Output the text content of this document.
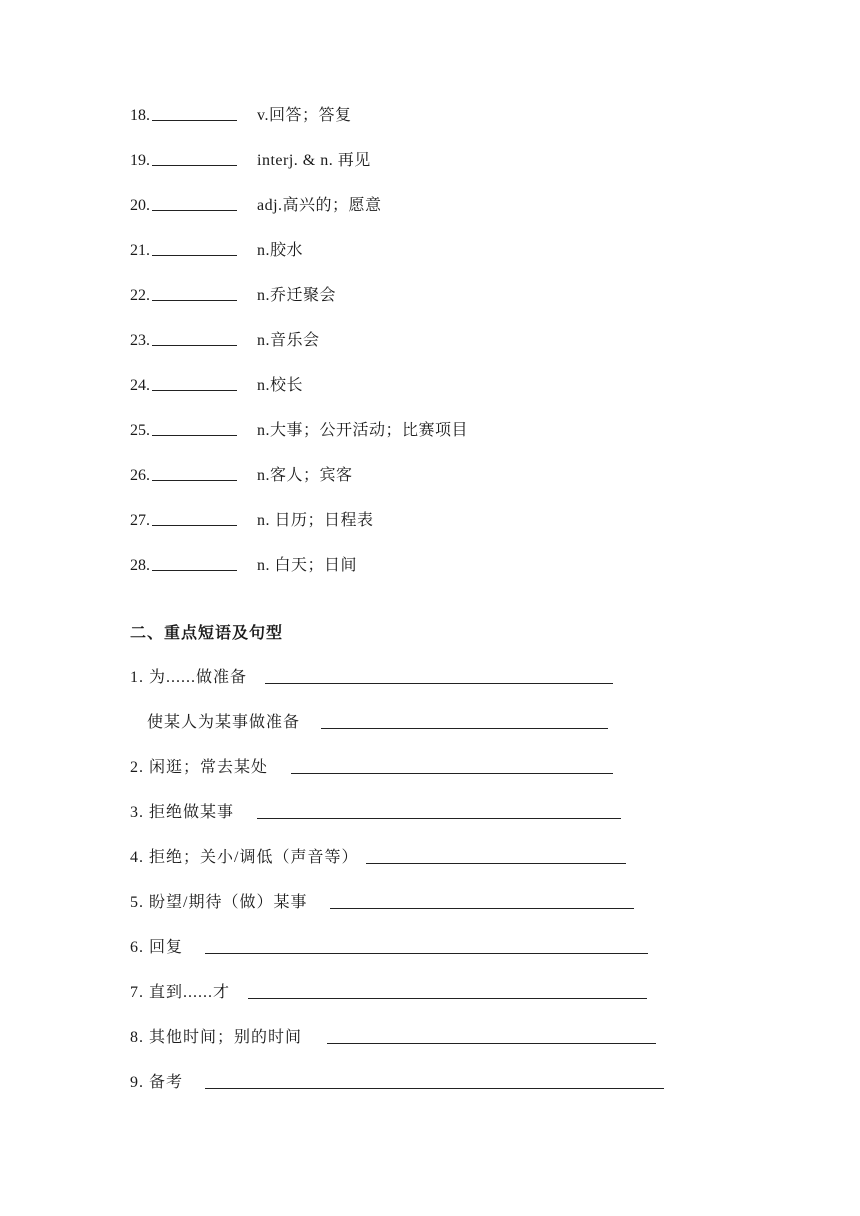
18.	v.回答；答复
19.	interj. & n. 再见
20.	adj.高兴的；愿意
21.	n.胶水
22.	n.乔迁聚会
23.	n.音乐会
24.	n.校长
25.	n.大事；公开活动；比赛项目
26.	n.客人；宾客
27.	n. 日历；日程表
28.	n. 白天；日间
二、重点短语及句型
1. 为......做准备
使某人为某事做准备
2. 闲逛；常去某处
3. 拒绝做某事
4. 拒绝；关小/调低（声音等）
5. 盼望/期待（做）某事
6. 回复
7. 直到......才
8. 其他时间；别的时间
9. 备考
